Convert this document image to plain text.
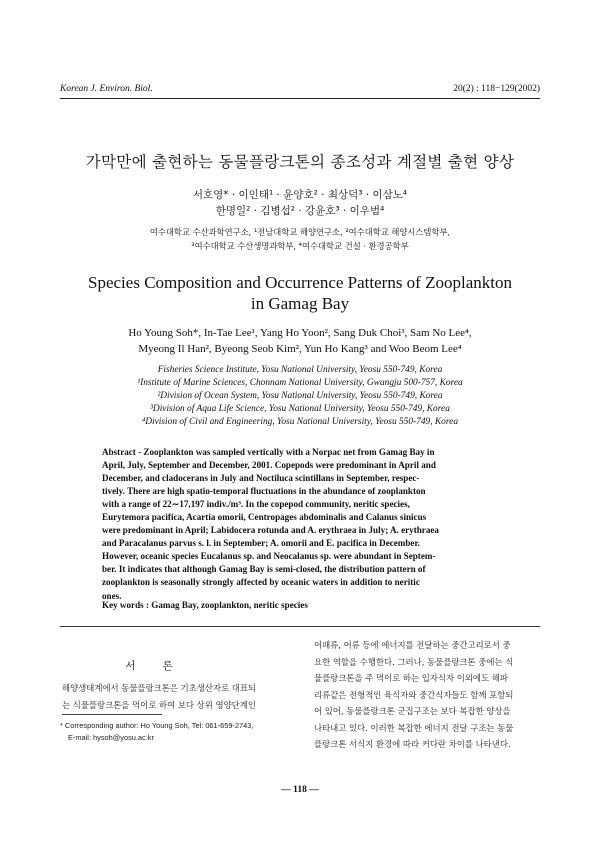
Korean J. Environ. Biol.	20(2) : 118−129(2002)
가막만에 출현하는 동물플랑크톤의 종조성과 계절별 출현 양상
서호영* · 이인태¹ · 윤양호² · 최상덕³ · 이삼노⁴
한명일² · 김병섭² · 강윤호³ · 이우범⁴
여수대학교 수산과학연구소, ¹전남대학교 해양연구소, ²여수대학교 해양시스템학부,
³여수대학교 수산생명과학부, ⁴여수대학교 건설 · 환경공학부
Species Composition and Occurrence Patterns of Zooplankton
in Gamag Bay
Ho Young Soh*, In-Tae Lee¹, Yang Ho Yoon², Sang Duk Choi³, Sam No Lee⁴,
Myeong Il Han², Byeong Seob Kim², Yun Ho Kang³ and Woo Beom Lee⁴
Fisheries Science Institute, Yosu National University, Yeosu 550-749, Korea
¹Institute of Marine Sciences, Chonnam National University, Gwangju 500-757, Korea
²Division of Ocean System, Yosu National University, Yeosu 550-749, Korea
³Division of Aqua Life Science, Yosu National University, Yeosu 550-749, Korea
⁴Division of Civil and Engineering, Yosu National University, Yeosu 550-749, Korea
Abstract - Zooplankton was sampled vertically with a Norpac net from Gamag Bay in
April, July, September and December, 2001. Copepods were predominant in April and
December, and cladocerans in July and Noctiluca scintillans in September, respec-
tively. There are high spatio-temporal fluctuations in the abundance of zooplankton
with a range of 22∼17,197 indiv./m³. In the copepod community, neritic species,
Eurytemora pacifica, Acartia omorii, Centropages abdominalis and Calanus sinicus
were predominant in April; Labidocera rotunda and A. erythraea in July; A. erythraea
and Paracalanus parvus s. l. in September; A. omorii and E. pacifica in December.
However, oceanic species Eucalanus sp. and Neocalanus sp. were abundant in Septem-
ber. It indicates that although Gamag Bay is semi-closed, the distribution pattern of
zooplankton is seasonally strongly affected by oceanic waters in addition to neritic
ones.
Key words : Gamag Bay, zooplankton, neritic species
서 론
해양생태계에서 동물플랑크톤은 기초생산자로 대표되
는 식물플랑크톤을 먹이로 하여 보다 상위 영양단계인
어패류, 어류 등에 에너지를 전달하는 중간고리로서 중
요한 역할을 수행한다. 그러나, 동물플랑크톤 중에는 식
물플랑크톤을 주 먹이로 하는 입자식자 이외에도 해파
리류같은 전형적인 육식자와 중간식자들도 함께 포함되
어 있어, 동물플랑크톤 군집구조는 보다 복잡한 양상을
나타내고 있다. 이러한 복잡한 에너지 전달 구조는 동물
플랑크톤 서식지 환경에 따라 커다란 차이를 나타낸다.
* Corresponding author: Ho Young Soh, Tel: 061-659-2743,
E-mail: hysoh@yosu.ac.kr
— 118 —
